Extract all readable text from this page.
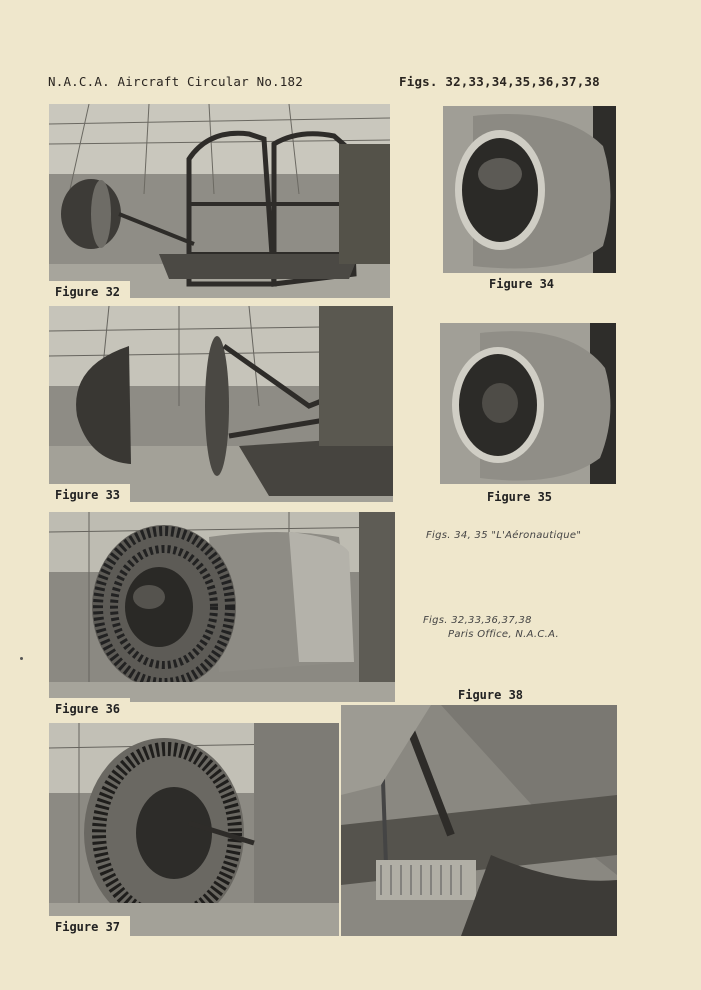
N.A.C.A. Aircraft Circular No.182	Figs. 32,33,34,35,36,37,38
Figure 32
Figure 34
Figure 33	Figure 35
Figs. 34, 35 "L'Aéronautique"
Figure 36
Figs. 32,33,36,37,38
Paris Office, N.A.C.A.
Figure 38
Figure 37
